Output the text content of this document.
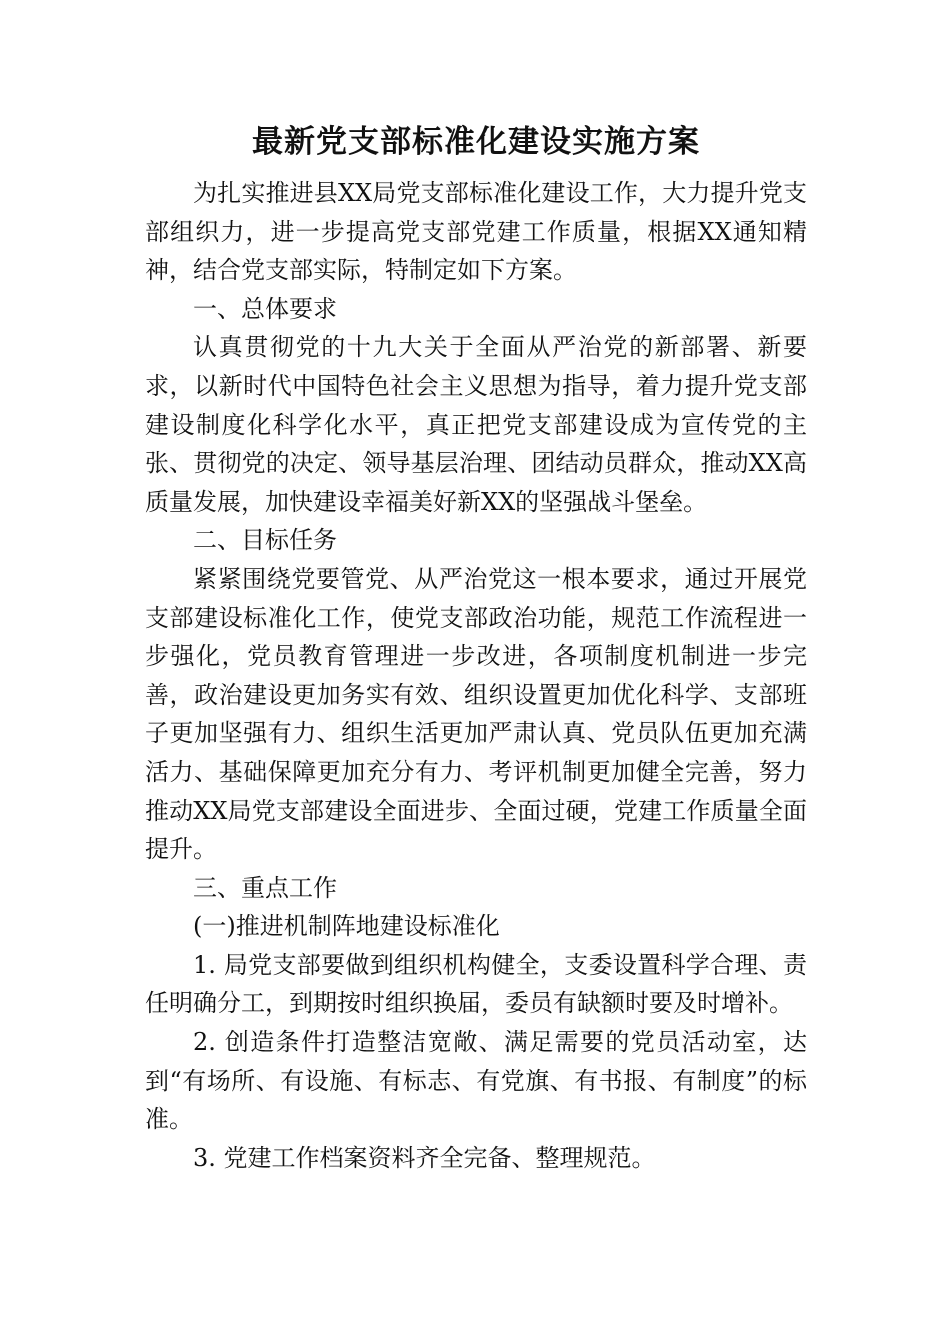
最新党支部标准化建设实施方案

为扎实推进县XX局党支部标准化建设工作，大力提升党支部组织力，进一步提高党支部党建工作质量，根据XX通知精神，结合党支部实际，特制定如下方案。

一、总体要求

认真贯彻党的十九大关于全面从严治党的新部署、新要求，以新时代中国特色社会主义思想为指导，着力提升党支部建设制度化科学化水平，真正把党支部建设成为宣传党的主张、贯彻党的决定、领导基层治理、团结动员群众，推动XX高质量发展，加快建设幸福美好新XX的坚强战斗堡垒。

二、目标任务

紧紧围绕党要管党、从严治党这一根本要求，通过开展党支部建设标准化工作，使党支部政治功能，规范工作流程进一步强化，党员教育管理进一步改进，各项制度机制进一步完善，政治建设更加务实有效、组织设置更加优化科学、支部班子更加坚强有力、组织生活更加严肃认真、党员队伍更加充满活力、基础保障更加充分有力、考评机制更加健全完善，努力推动XX局党支部建设全面进步、全面过硬，党建工作质量全面提升。

三、重点工作

(一)推进机制阵地建设标准化

1. 局党支部要做到组织机构健全，支委设置科学合理、责任明确分工，到期按时组织换届，委员有缺额时要及时增补。

2. 创造条件打造整洁宽敞、满足需要的党员活动室，达到“有场所、有设施、有标志、有党旗、有书报、有制度”的标准。

3. 党建工作档案资料齐全完备、整理规范。
